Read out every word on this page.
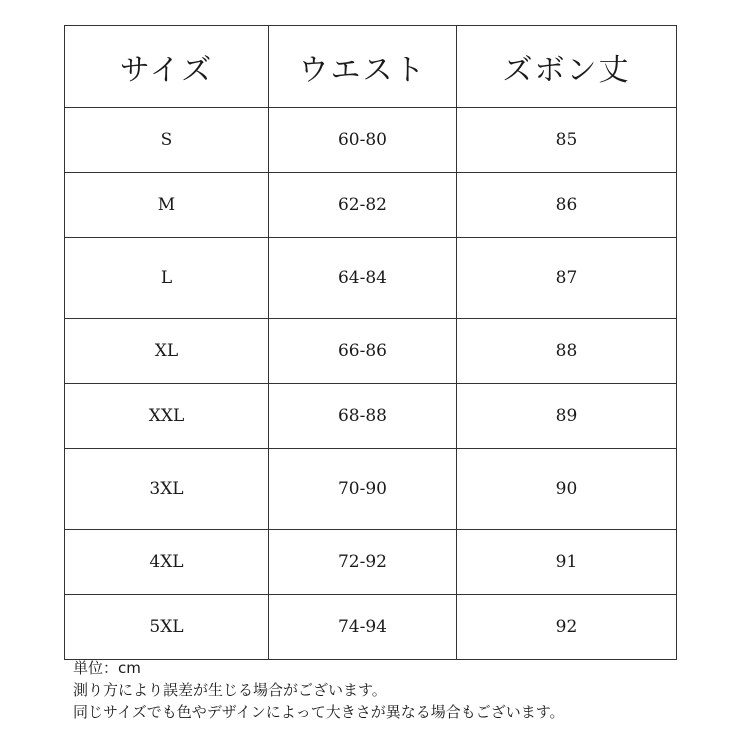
サイズ	ウエスト	ズボン丈
S	60-80	85
M	62-82	86
L	64-84	87
XL	66-86	88
XXL	68-88	89
3XL	70-90	90
4XL	72-92	91
5XL	74-94	92
単位：cm
測り方により誤差が生じる場合がございます。
同じサイズでも色やデザインによって大きさが異なる場合もございます。
